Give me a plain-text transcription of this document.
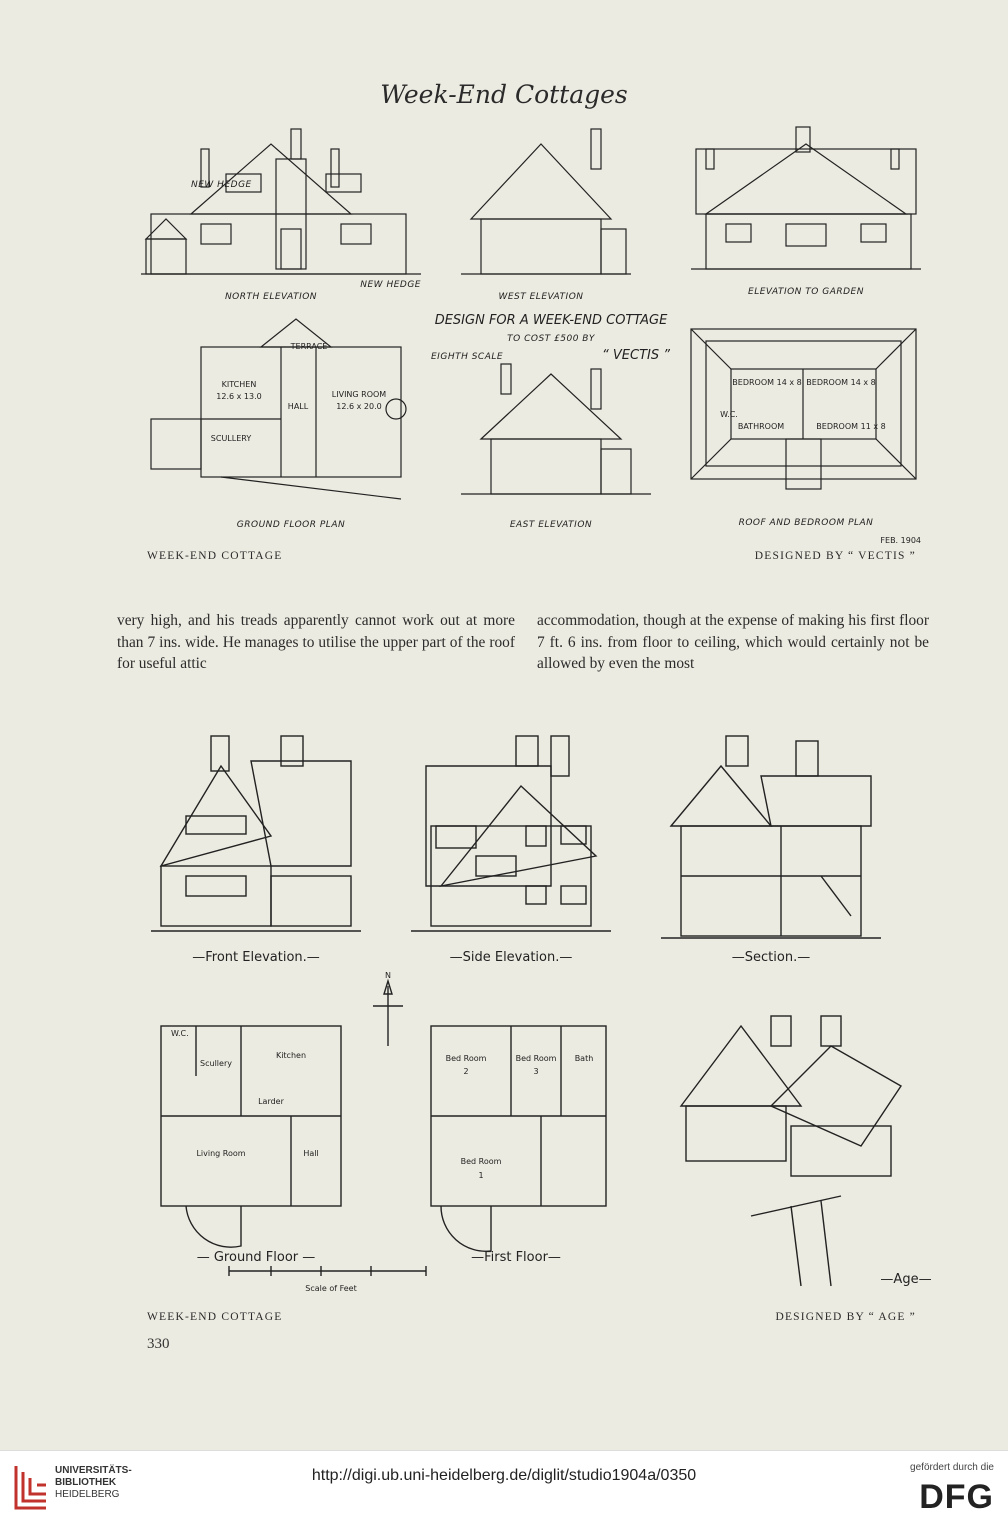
Week-End Cottages
NEW HEDGE
NORTH ELEVATION
NEW HEDGE
WEST ELEVATION	ELEVATION TO GARDEN
DESIGN FOR A WEEK-END COTTAGE
TO COST £500 BY
EIGHTH SCALE	“ VECTIS ”
TERRACE
KITCHEN
12.6 x 13.0
HALL
LIVING ROOM
12.6 x 20.0
SCULLERY
GROUND FLOOR PLAN	EAST ELEVATION
BEDROOM 14 x 8 BEDROOM 14 x 8
BEDROOM 11 x 8
BATHROOM
W.C.
ROOF AND BEDROOM PLAN
FEB. 1904
WEEK-END COTTAGE	DESIGNED BY “ VECTIS ”

very high, and his treads apparently cannot work out at more than 7 ins. wide. He manages to utilise the upper part of the roof for useful attic

accommodation, though at the expense of making his first floor 7 ft. 6 ins. from floor to ceiling, which would certainly not be allowed by even the most

—Front Elevation.—	—Side Elevation.—	—Section.—
N
W.C.
Scullery
Kitchen
Larder
Living Room	Hall
Bed Room
2
Bed Room
3
Bath
Bed Room
1
— Ground Floor —	—First Floor—
Scale of Feet
—Age—
WEEK-END COTTAGE	DESIGNED BY “ AGE ”
330
UNIVERSITÄTS-
BIBLIOTHEK
HEIDELBERG
http://digi.ub.uni-heidelberg.de/diglit/studio1904a/0350	gefördert durch die
DFG
